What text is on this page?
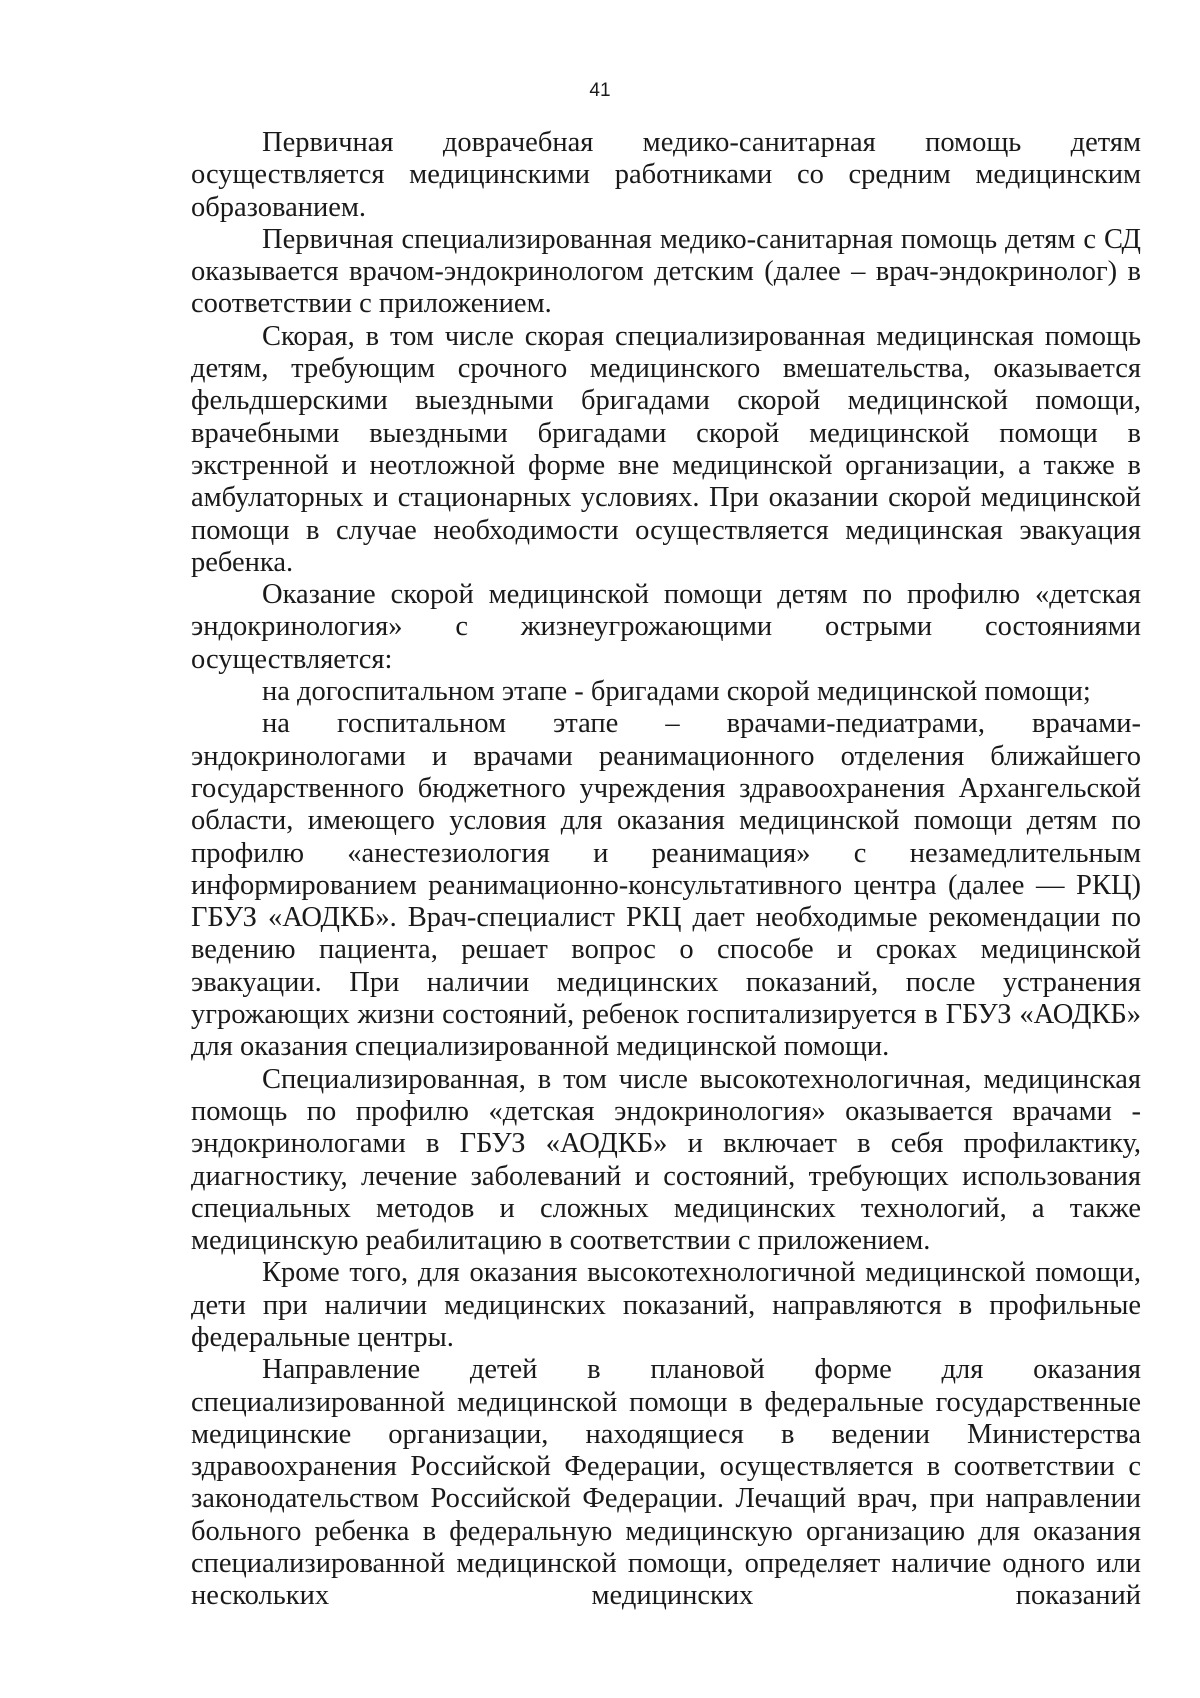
41

Первичная доврачебная медико-санитарная помощь детям осуществляется медицинскими работниками со средним медицинским образованием.

Первичная специализированная медико-санитарная помощь детям с СД оказывается врачом-эндокринологом детским (далее – врач-эндокринолог) в соответствии с приложением.

Скорая, в том числе скорая специализированная медицинская помощь детям, требующим срочного медицинского вмешательства, оказывается фельдшерскими выездными бригадами скорой медицинской помощи, врачебными выездными бригадами скорой медицинской помощи в экстренной и неотложной форме вне медицинской организации, а также в амбулаторных и стационарных условиях. При оказании скорой медицинской помощи в случае необходимости осуществляется медицинская эвакуация ребенка.

Оказание скорой медицинской помощи детям по профилю «детская эндокринология» с жизнеугрожающими острыми состояниями осуществляется:

на догоспитальном этапе - бригадами скорой медицинской помощи;

на госпитальном этапе – врачами-педиатрами, врачами-эндокринологами и врачами реанимационного отделения ближайшего государственного бюджетного учреждения здравоохранения Архангельской области, имеющего условия для оказания медицинской помощи детям по профилю «анестезиология и реанимация» с незамедлительным информированием реанимационно-консультативного центра (далее — РКЦ) ГБУЗ «АОДКБ». Врач-специалист РКЦ дает необходимые рекомендации по ведению пациента, решает вопрос о способе и сроках медицинской эвакуации. При наличии медицинских показаний, после устранения угрожающих жизни состояний, ребенок госпитализируется в ГБУЗ «АОДКБ» для оказания специализированной медицинской помощи.

Специализированная, в том числе высокотехнологичная, медицинская помощь по профилю «детская эндокринология» оказывается врачами - эндокринологами в ГБУЗ «АОДКБ» и включает в себя профилактику, диагностику, лечение заболеваний и состояний, требующих использования специальных методов и сложных медицинских технологий, а также медицинскую реабилитацию в соответствии с приложением.

Кроме того, для оказания высокотехнологичной медицинской помощи, дети при наличии медицинских показаний, направляются в профильные федеральные центры.

Направление детей в плановой форме для оказания специализированной медицинской помощи в федеральные государственные медицинские организации, находящиеся в ведении Министерства здравоохранения Российской Федерации, осуществляется в соответствии с законодательством Российской Федерации. Лечащий врач, при направлении больного ребенка в федеральную медицинскую организацию для оказания специализированной медицинской помощи, определяет наличие одного или нескольких медицинских показаний
